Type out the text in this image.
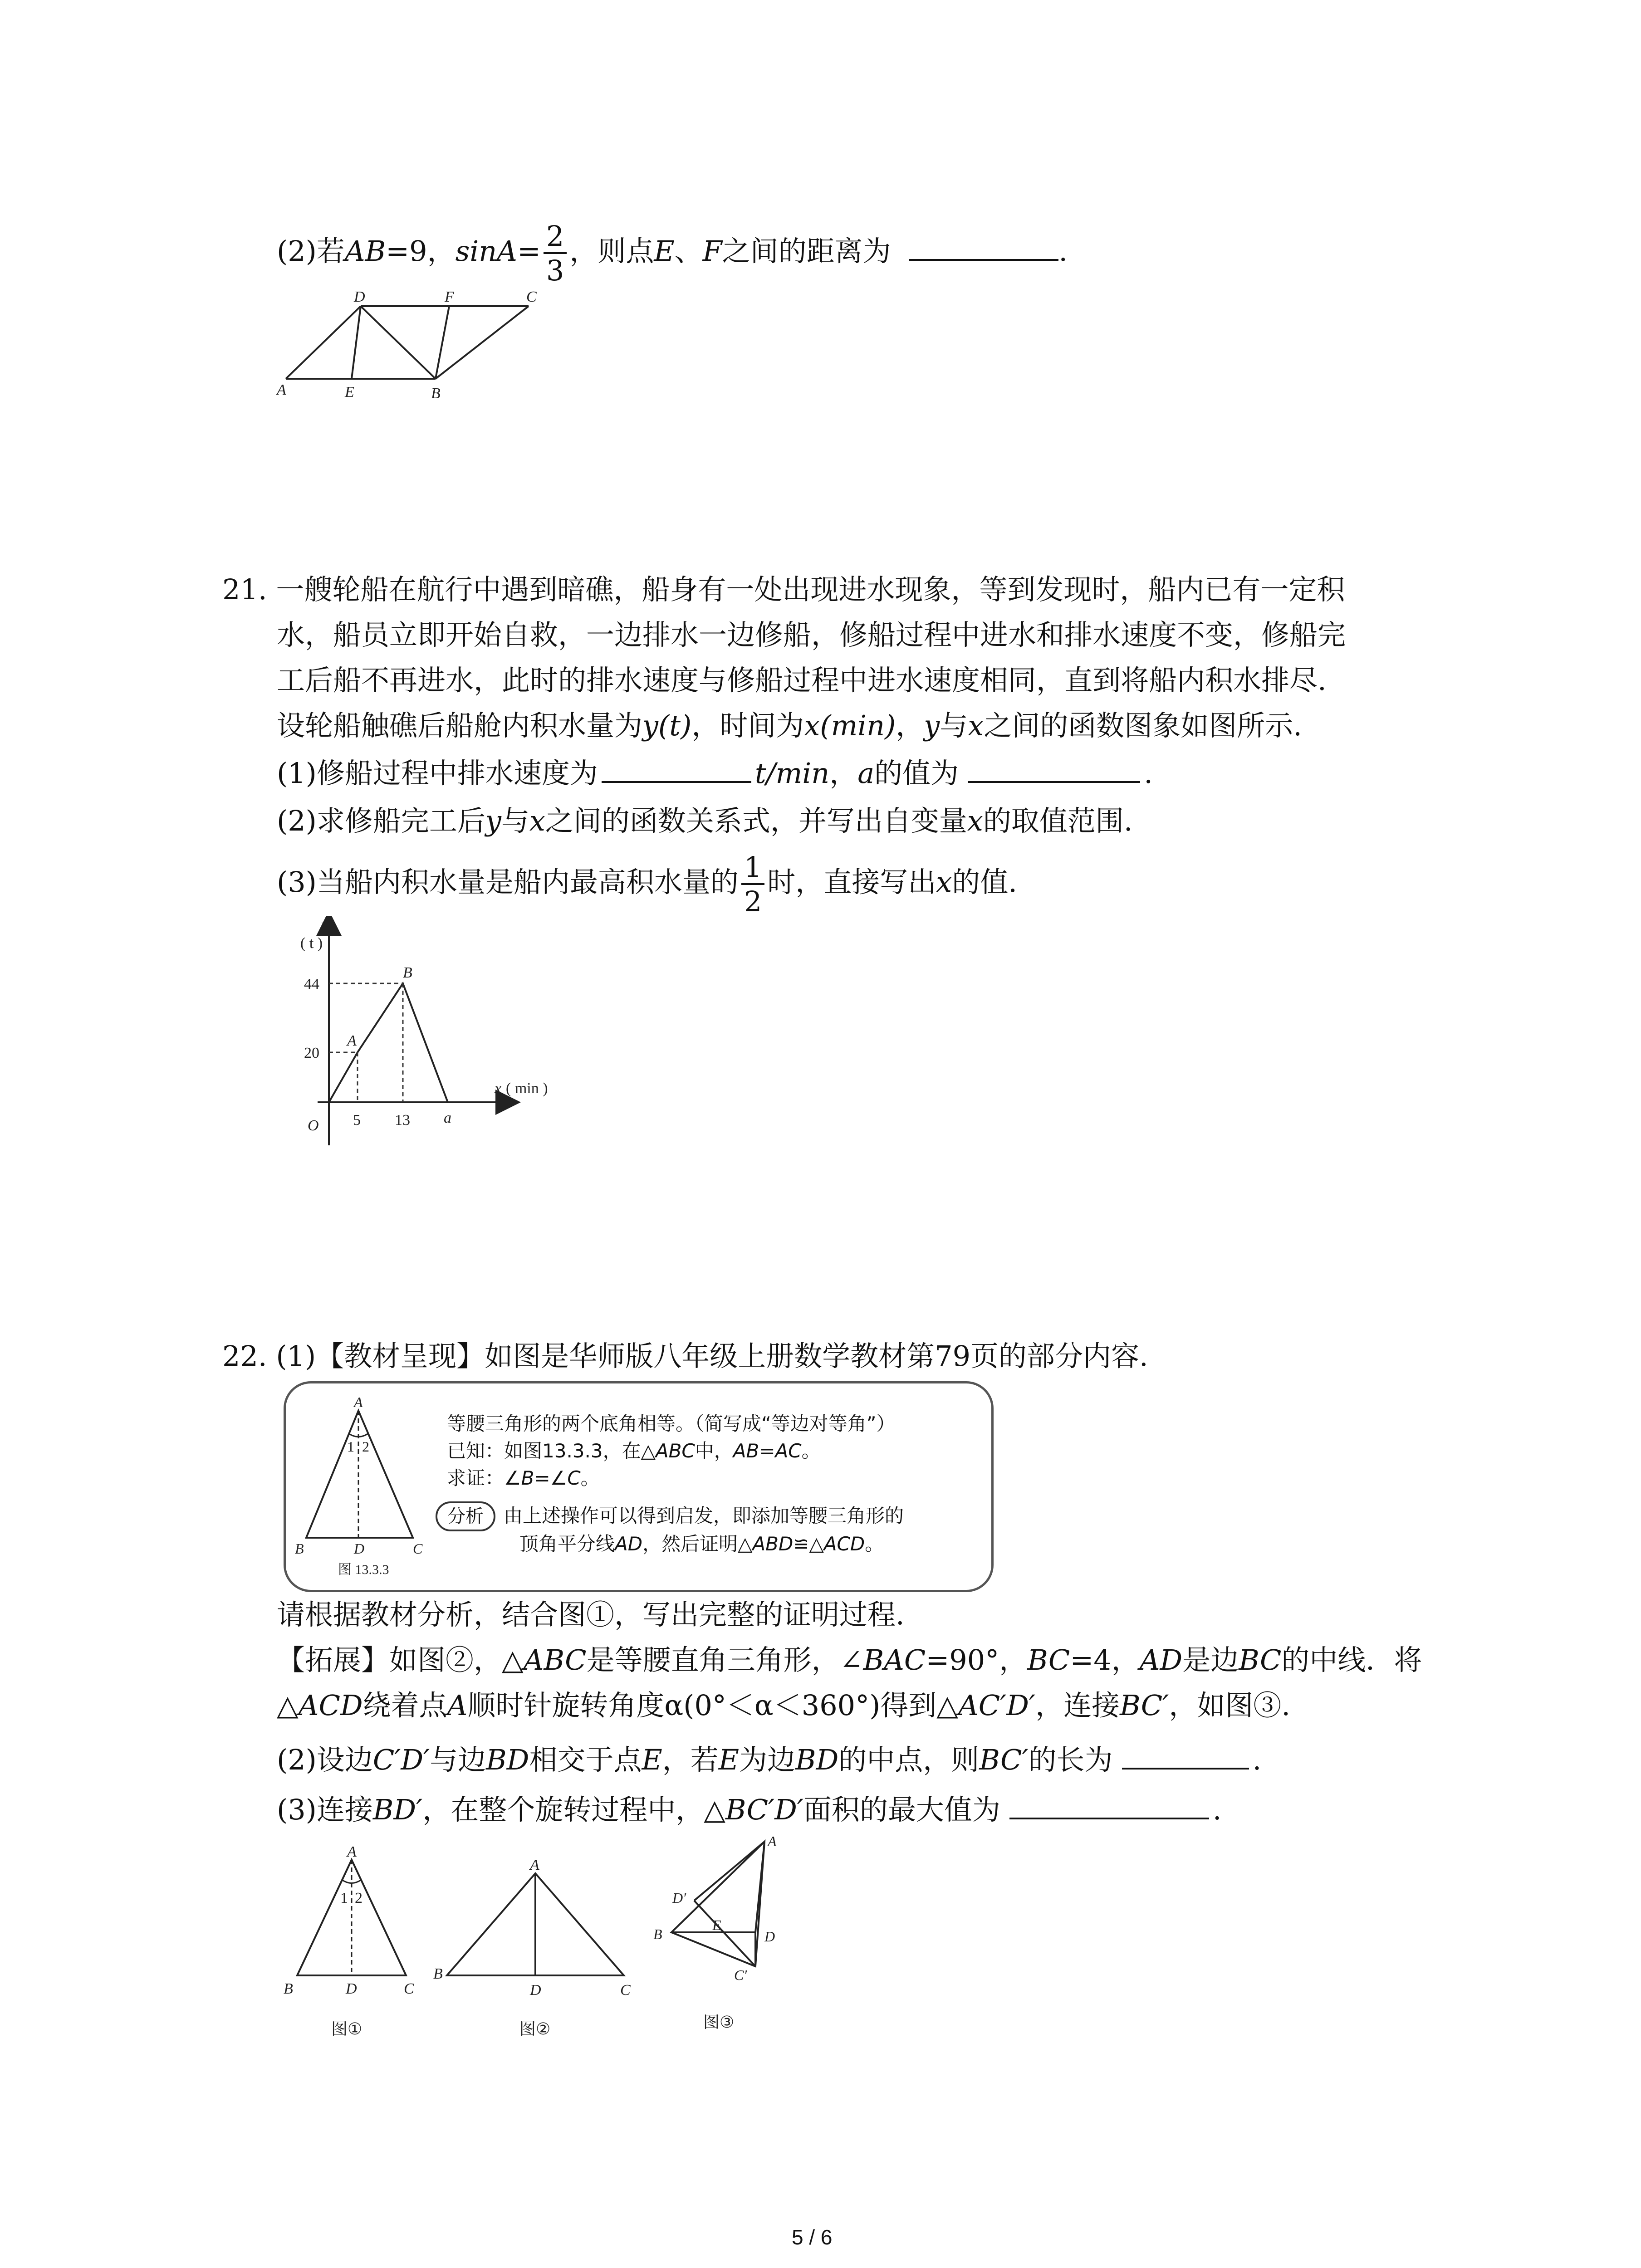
(2)若AB=9，$\sin A= \frac{2}{3}$ ，则点E、F之间的距离为	.
A	E	B
D	F	C
21. 一艘轮船在航行中遇到暗礁，船身有一处出现进水现象，等到发现时，船内已有一定积
水，船员立即开始自救，一边排水一边修船，修船过程中进水和排水速度不变，修船完
工后船不再进水，此时的排水速度与修船过程中进水速度相同，直到将船内积水排尽.
设轮船触礁后船舱内积水量为y(t)，时间为x(min)，y与x之间的函数图象如图所示.
(1)修船过程中排水速度为	t/min，a的值为	.
(2)求修船完工后y与x之间的函数关系式，并写出自变量x的取值范围.
(3)当船内积水量是船内最高积水量的 $\frac{1}{2}$ 时，直接写出x的值.
y
( t )
44
20
O 5 13 a
x ( min )
A
B
22. (1)【教材呈现】如图是华师版八年级上册数学教材第79页的部分内容.
A
1 2
B	D	C
图 13.3.3
等腰三角形的两个底角相等。（简写成“等边对等角”）
已知：如图13.3.3，在△ABC中，AB=AC。
求证：∠B=∠C。
分析 由上述操作可以得到启发，即添加等腰三角形的
顶角平分线AD，然后证明△ABD≌△ACD。
请根据教材分析，结合图①，写出完整的证明过程.
【拓展】如图②，△ABC是等腰直角三角形，∠BAC=90°，BC=4，AD是边BC的中线．将
△ACD绕着点A顺时针旋转角度α(0°＜α＜360°)得到△AC′D′，连接BC′，如图③.
(2)设边C′D′与边BD相交于点E，若E为边BD的中点，则BC′的长为	.
(3)连接BD′，在整个旋转过程中，△BC′D′面积的最大值为	.
A
1 2
B	D	C
图①
A
B
D	C
图②
A
D′
B
E
D
C′
图③
5 / 6
